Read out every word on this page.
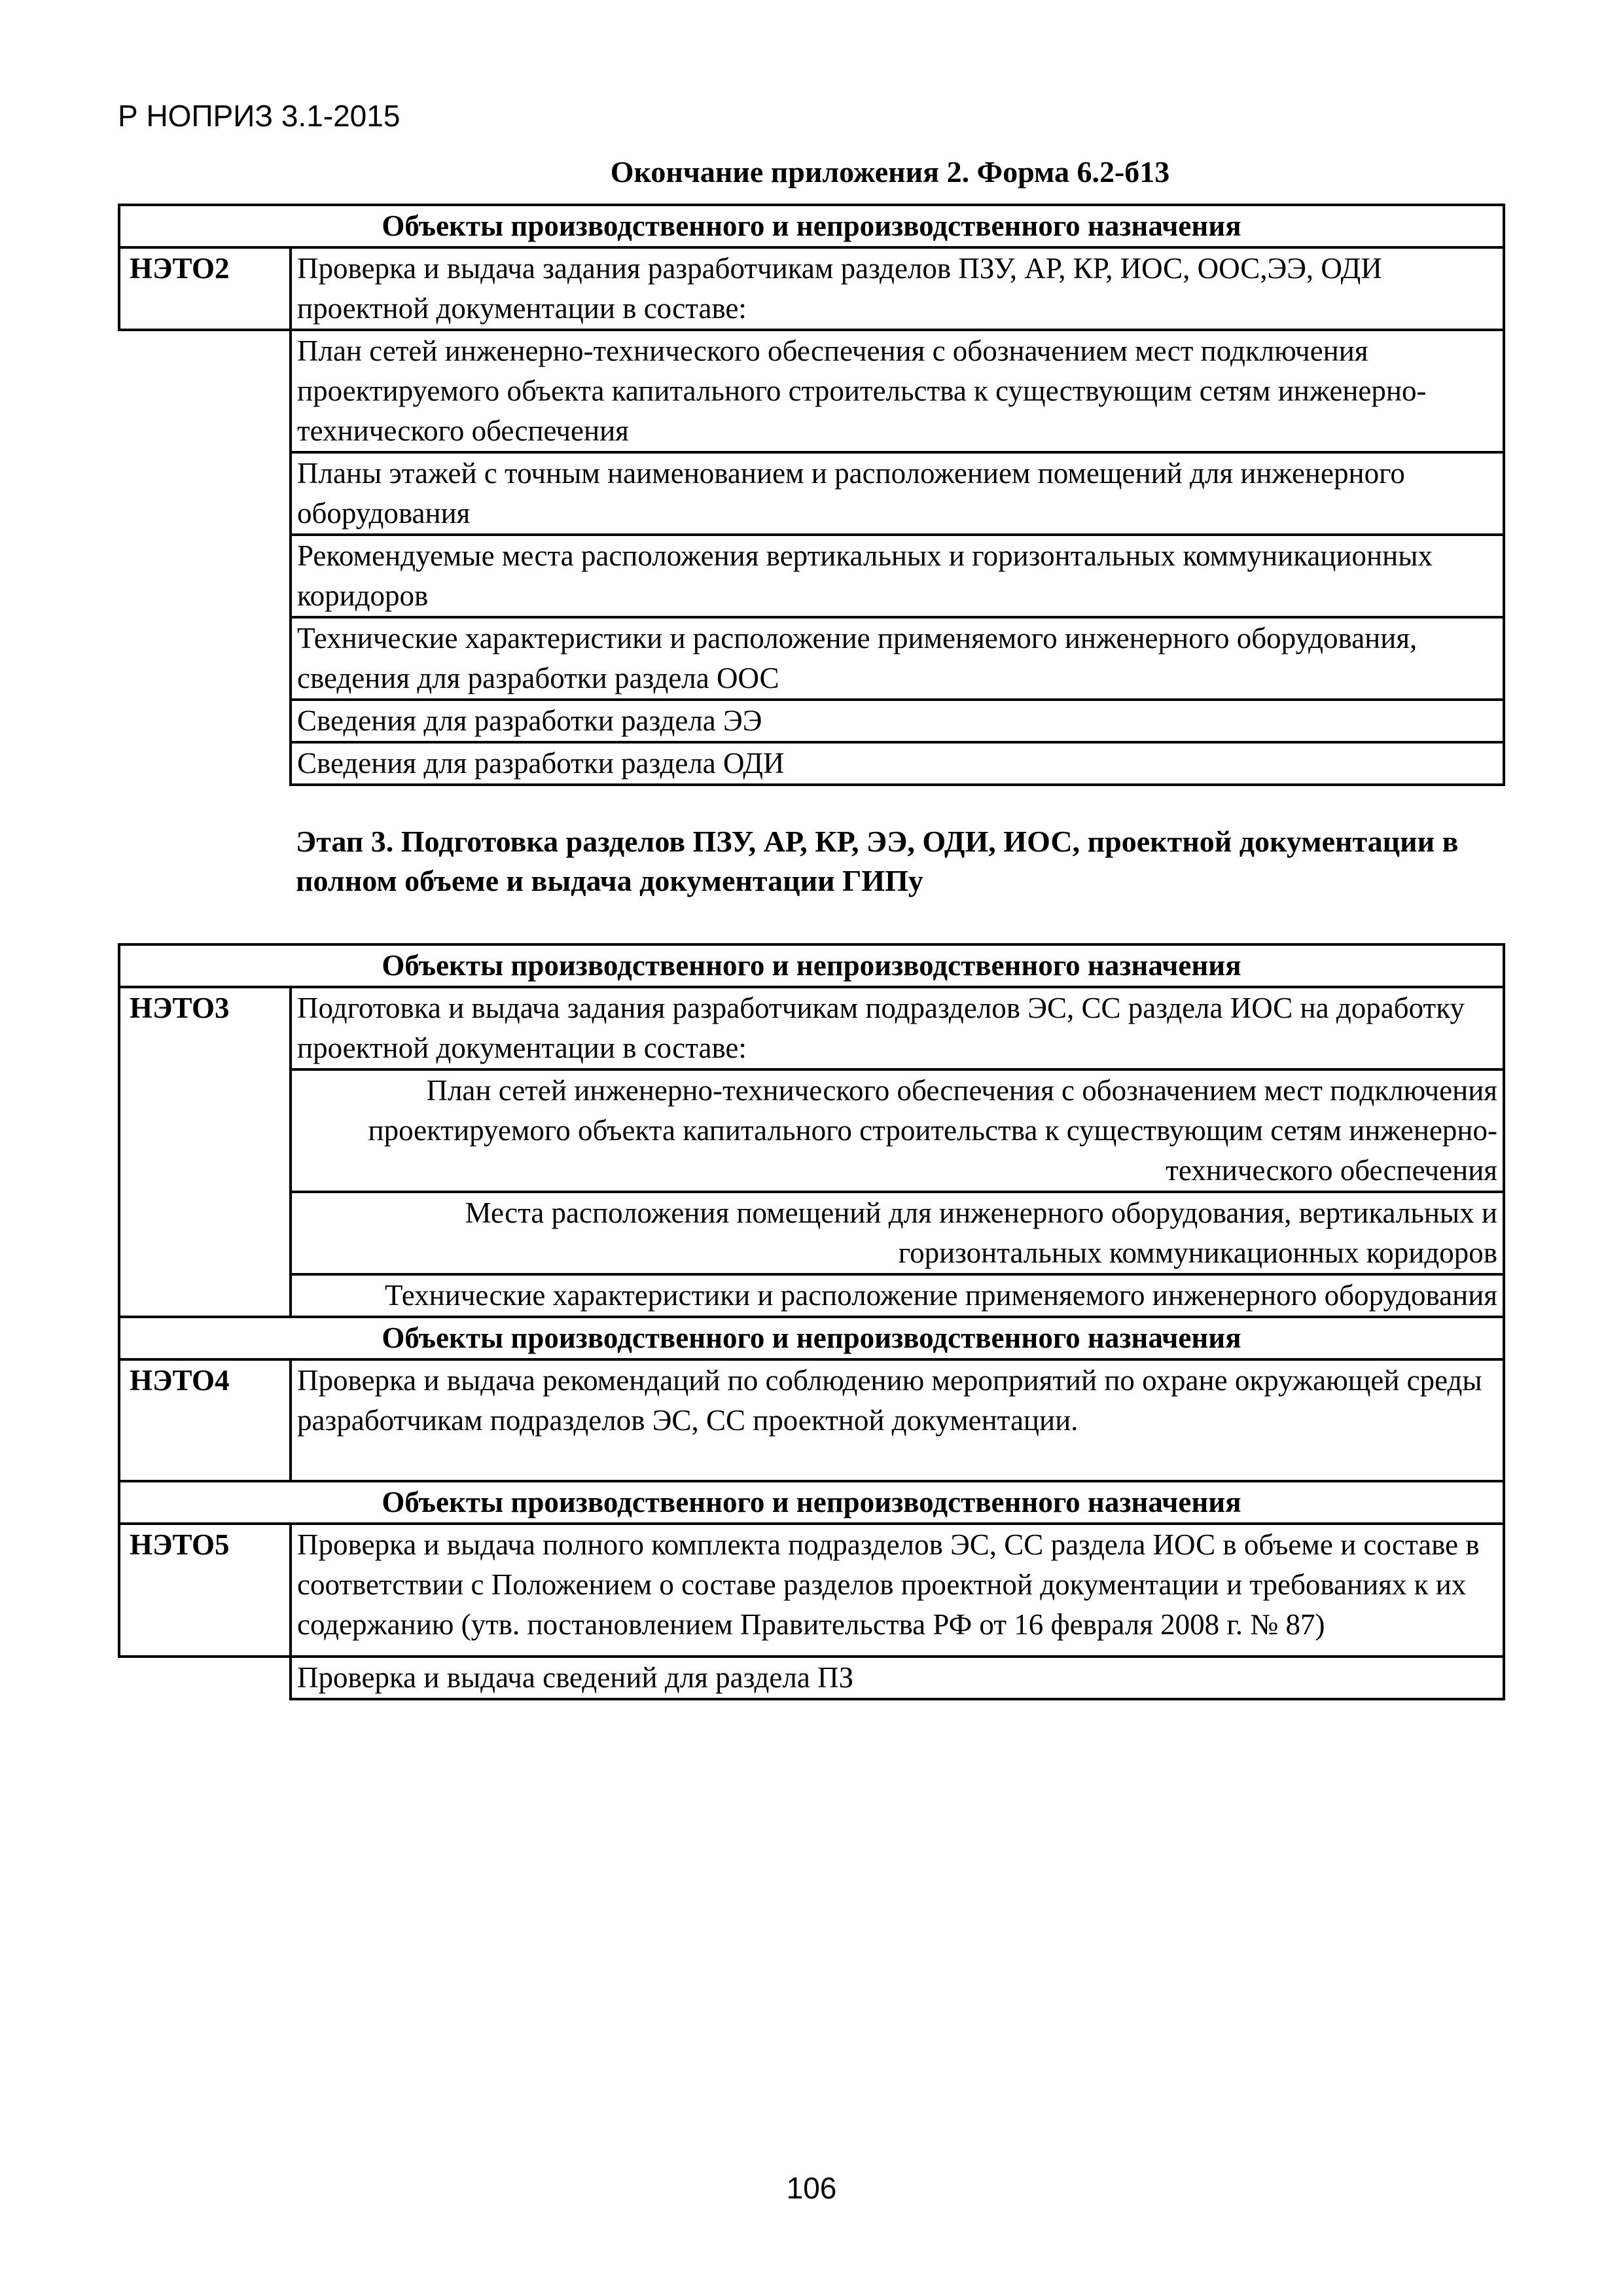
Р НОПРИЗ 3.1-2015
Окончание приложения 2. Форма 6.2-б13
Объекты производственного и непроизводственного назначения	
НЭТО2	Проверка и выдача задания разработчикам разделов ПЗУ, АР, КР, ИОС, ООС,ЭЭ, ОДИ проектной документации в составе:
	План сетей инженерно-технического обеспечения с обозначением мест подключения проектируемого объекта капитального строительства к существующим сетям инженерно-технического обеспечения
	Планы этажей с точным наименованием и расположением помещений для инженерного оборудования
	Рекомендуемые места расположения вертикальных и горизонтальных коммуникационных коридоров
	Технические характеристики и расположение применяемого инженерного оборудования, сведения для разработки раздела ООС
	Сведения для разработки раздела ЭЭ
	Сведения для разработки раздела ОДИ
Этап 3. Подготовка разделов ПЗУ, АР, КР, ЭЭ, ОДИ, ИОС, проектной документации в полном объеме и выдача документации ГИПу
Объекты производственного и непроизводственного назначения	
НЭТО3	Подготовка и выдача задания разработчикам подразделов ЭС, СС раздела ИОС на доработку проектной документации в составе:
	План сетей инженерно-технического обеспечения с обозначением мест подключения проектируемого объекта капитального строительства к существующим сетям инженерно-технического обеспечения
	Места расположения помещений для инженерного оборудования, вертикальных и горизонтальных коммуникационных коридоров
	Технические характеристики и расположение применяемого инженерного оборудования
Объекты производственного и непроизводственного назначения	
НЭТО4	Проверка и выдача рекомендаций по соблюдению мероприятий по охране окружающей среды разработчикам подразделов ЭС, СС проектной документации.
Объекты производственного и непроизводственного назначения	
НЭТО5	Проверка и выдача полного комплекта подразделов ЭС, СС раздела ИОС в объеме и составе в соответствии с Положением о составе разделов проектной документации и требованиях к их содержанию (утв. постановлением Правительства РФ от 16 февраля 2008 г. № 87)
	Проверка и выдача сведений для раздела ПЗ
106
